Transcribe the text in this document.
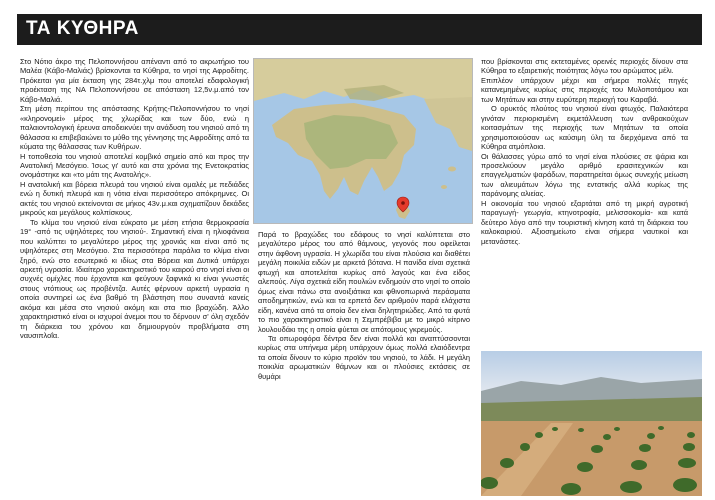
ΤΑ ΚΥΘΗΡΑ

Στο Νότιο άκρο της Πελοποννήσου απέναντι από το ακρωτήριο του Μαλέα (Κάβο-Μαλιάς) βρίσκονται τα Κύθηρα, το νησί της Αφροδίτης. Πρόκειται για μία έκταση γης 284τ.χλμ που αποτελεί εδαφολογική προέκταση της ΝΑ Πελοποννήσου σε απόσταση 12,5ν.μ.από τον Κάβο-Μαλιά.

Στη μέση περίπου της απόστασης Κρήτης-Πελοποννήσου το νησί «κληρονομεί» μέρος της χλωρίδας και των δύο, ενώ η παλαιοντολογική έρευνα αποδεικνύει την ανάδυση του νησιού από τη θάλασσα κι επιβεβαιώνει το μύθο της γέννησης της Αφροδίτης από τα κύματα της θάλασσας των Κυθήρων.

Η τοποθεσία του νησιού αποτελεί κομβικό σημείο από και προς την Ανατολική Μεσόγειο. Ίσως γι' αυτό και στα χρόνια της Ενετοκρατίας ονομάστηκε και «το μάτι της Ανατολής».

Η ανατολική και βόρεια πλευρά του νησιού είναι ομαλές με πεδιάδες ενώ η δυτική πλευρά και η νότια είναι περισσότερο απόκρημνες. Οι ακτές του νησιού εκτείνονται σε μήκος 43ν.μ.και σχηματίζουν δεκάδες μικρούς και μεγάλους κολπίσκους.

Το κλίμα του νησιού είναι εύκρατο με μέση ετήσια θερμοκρασία 19° -από τις υψηλότερες του νησιού-. Σημαντική είναι η ηλιοφάνεια που καλύπτει το μεγαλύτερο μέρος της χρονιάς και είναι από τις υψηλότερες στη Μεσόγειο. Στα περισσότερα παράλια το κλίμα είναι ξηρό, ενώ στο εσωτερικό κι ιδίως στα Βόρεια και Δυτικά υπάρχει αρκετή υγρασία. Ιδιαίτερο χαρακτηριστικό του καιρού στο νησί είναι οι συχνές ομίχλες που έρχονται και φεύγουν ξαφνικά κι είναι γνωστές στους ντόπιους ως προβέντζα. Αυτές φέρνουν αρκετή υγρασία η οποία συντηρεί ως ένα βαθμό τη βλάστηση που συναντά κανείς ακόμα και μέσα στο νησιού ακόμη και στα πιο βραχώδη. Άλλο χαρακτηριστικό είναι οι ισχυροί άνεμοι που το δέρνουν σ' όλη σχεδόν τη διάρκεια του χρόνου και δημιουργούν προβλήματα στη ναυσιπλοΐα.

Παρά το βραχώδες του εδάφους το νησί καλύπτεται στο μεγαλύτερο μέρος του από θάμνους, γεγονός που οφείλεται στην άφθονη υγρασία. Η χλωρίδα του είναι πλούσια και διαθέτει μεγάλη ποικιλία ειδών με αρκετά βότανα. Η πανίδα είναι σχετικά φτωχή και αποτελείται κυρίως από λαγούς και ένα είδος αλεπούς. Λίγα σχετικά είδη πουλιών ενδημούν στο νησί το οποίο όμως είναι πάνω στα ανοιξιάτικα και φθινοπωρινά περάσματα αποδημητικών, ενώ και τα ερπετά δεν αριθμούν παρά ελάχιστα είδη, κανένα από τα οποία δεν είναι δηλητηριώδες. Από τα φυτά το πιο χαρακτηριστικό είναι η Σεμπρέβιβα με το μικρό κίτρινο λουλουδάκι της η οποία φύεται σε απότομους γκρεμούς.

Τα οπωροφόρα δέντρα δεν είναι πολλά και αναπτύσσονται κυρίως στα υπήνεμα μέρη υπάρχουν όμως πολλά ελαιόδεντρα τα οποία δίνουν το κύριο προϊόν του νησιού, το λάδι. Η μεγάλη ποικιλία αρωματικών θάμνων και οι πλούσιες εκτάσεις σε θυμάρι

που βρίσκονται στις εκτεταμένες ορεινές περιοχές δίνουν στα Κύθηρα το εξαιρετικής ποιότητας λόγω του αρώματος μέλι.

Επιπλέον υπάρχουν μέχρι και σήμερα πολλές πηγές κατανεμημένες κυρίως στις περιοχές του Μυλοποτάμου και των Μητάτων και στην ευρύτερη περιοχή του Καραβά.

Ο ορυκτός πλούτος του νησιού είναι φτωχός. Παλαιότερα γινόταν περιορισμένη εκμετάλλευση των ανθρακούχων κοιτασμάτων της περιοχής των Μητάτων τα οποία χρησιμοποιούσαν ως καύσιμη ύλη τα διερχόμενα από τα Κύθηρα ατμόπλοια.

Οι θάλασσες γύρω από το νησί είναι πλούσιες σε ψάρια και προσελκύουν μεγάλο αριθμό ερασιτεχνικών και επαγγελματιών ψαράδων, παρατηρείται όμως συνεχής μείωση των αλιευμάτων λόγω της εντατικής αλλά κυρίως της παράνομης αλιείας.

Η οικονομία του νησιού εξαρτάται από τη μικρή αγροτική παραγωγή- γεωργία, κτηνοτροφία, μελισσοκομία- και κατά δεύτερο λόγο από την τουριστική κίνηση κατά τη διάρκεια του καλοκαιριού. Αξιοσημείωτο είναι σήμερα ναυτικοί και μετανάστες.
